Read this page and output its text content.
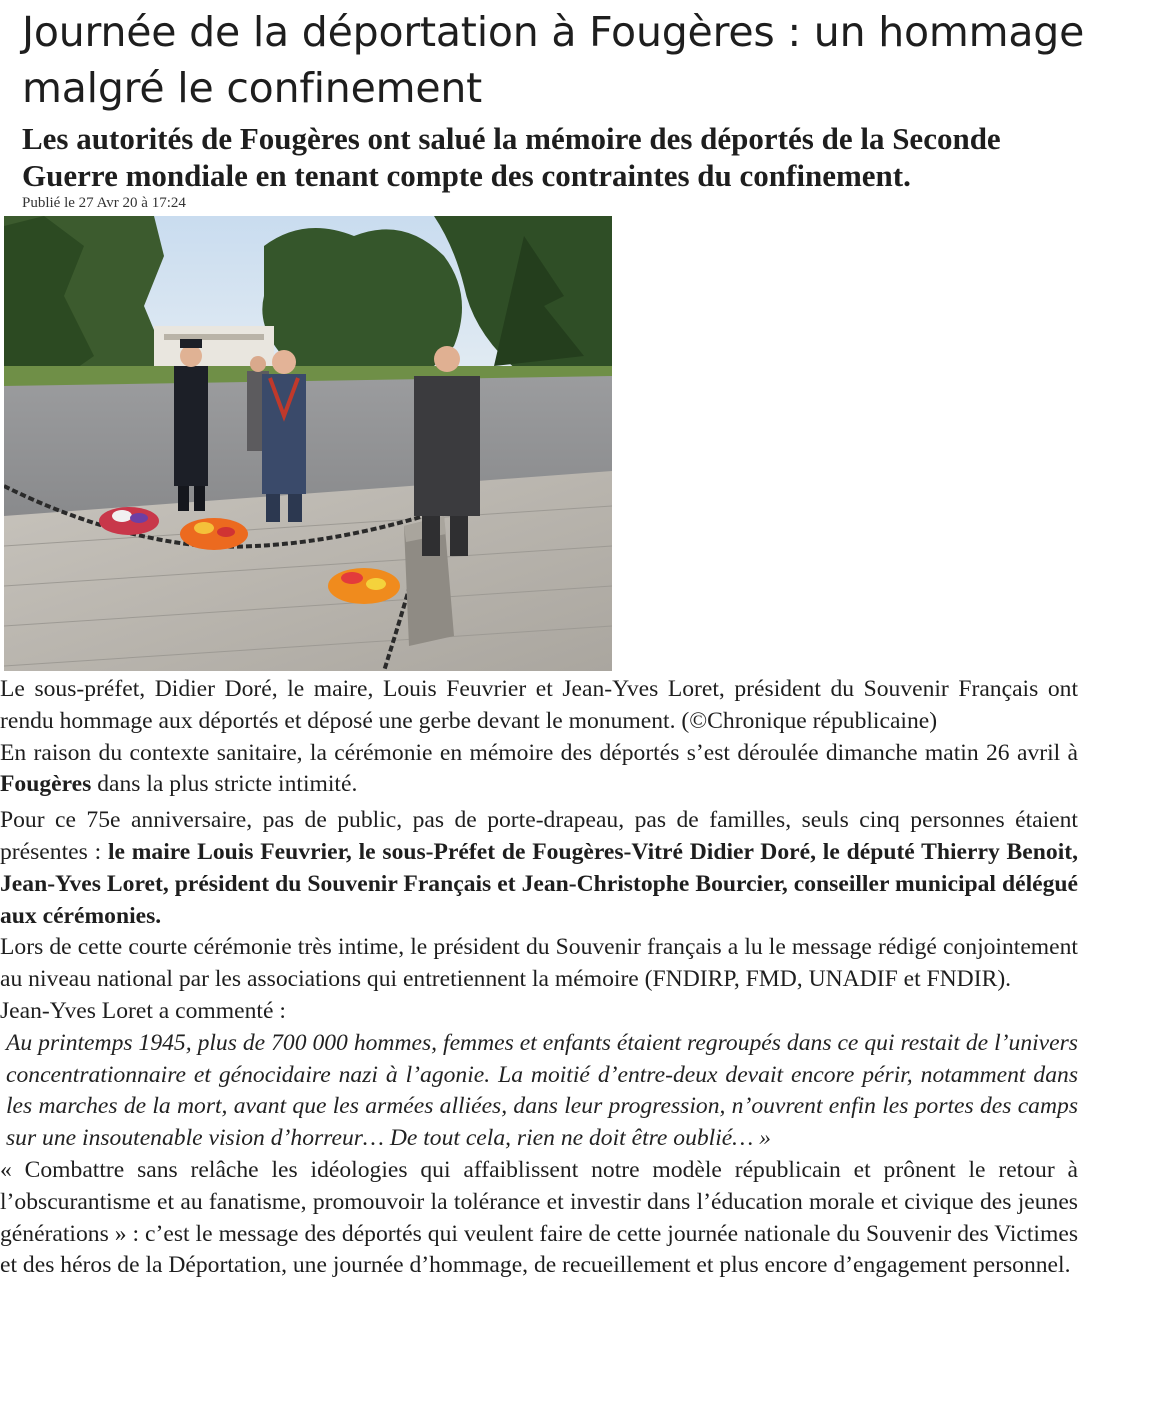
Journée de la déportation à Fougères : un hommage malgré le confinement
Les autorités de Fougères ont salué la mémoire des déportés de la Seconde Guerre mondiale en tenant compte des contraintes du confinement.

Publié le 27 Avr 20 à 17:24

Le sous-préfet, Didier Doré, le maire, Louis Feuvrier et Jean-Yves Loret, président du Souvenir Français ont rendu hommage aux déportés et déposé une gerbe devant le monument. (©Chronique républicaine)

En raison du contexte sanitaire, la cérémonie en mémoire des déportés s’est déroulée dimanche matin 26 avril à Fougères dans la plus stricte intimité.

Pour ce 75e anniversaire, pas de public, pas de porte-drapeau, pas de familles, seuls cinq personnes étaient présentes : le maire Louis Feuvrier, le sous-Préfet de Fougères-Vitré Didier Doré, le député Thierry Benoit, Jean-Yves Loret, président du Souvenir Français et Jean-Christophe Bourcier, conseiller municipal délégué aux cérémonies.

Lors de cette courte cérémonie très intime, le président du Souvenir français a lu le message rédigé conjointement au niveau national par les associations qui entretiennent la mémoire (FNDIRP, FMD, UNADIF et FNDIR).

Jean-Yves Loret a commenté :

Au printemps 1945, plus de 700 000 hommes, femmes et enfants étaient regroupés dans ce qui restait de l’univers concentrationnaire et génocidaire nazi à l’agonie. La moitié d’entre-deux devait encore périr, notamment dans les marches de la mort, avant que les armées alliées, dans leur progression, n’ouvrent enfin les portes des camps sur une insoutenable vision d’horreur… De tout cela, rien ne doit être oublié… »

« Combattre sans relâche les idéologies qui affaiblissent notre modèle républicain et prônent le retour à l’obscurantisme et au fanatisme, promouvoir la tolérance et investir dans l’éducation morale et civique des jeunes générations » : c’est le message des déportés qui veulent faire de cette journée nationale du Souvenir des Victimes et des héros de la Déportation, une journée d’hommage, de recueillement et plus encore d’engagement personnel.
